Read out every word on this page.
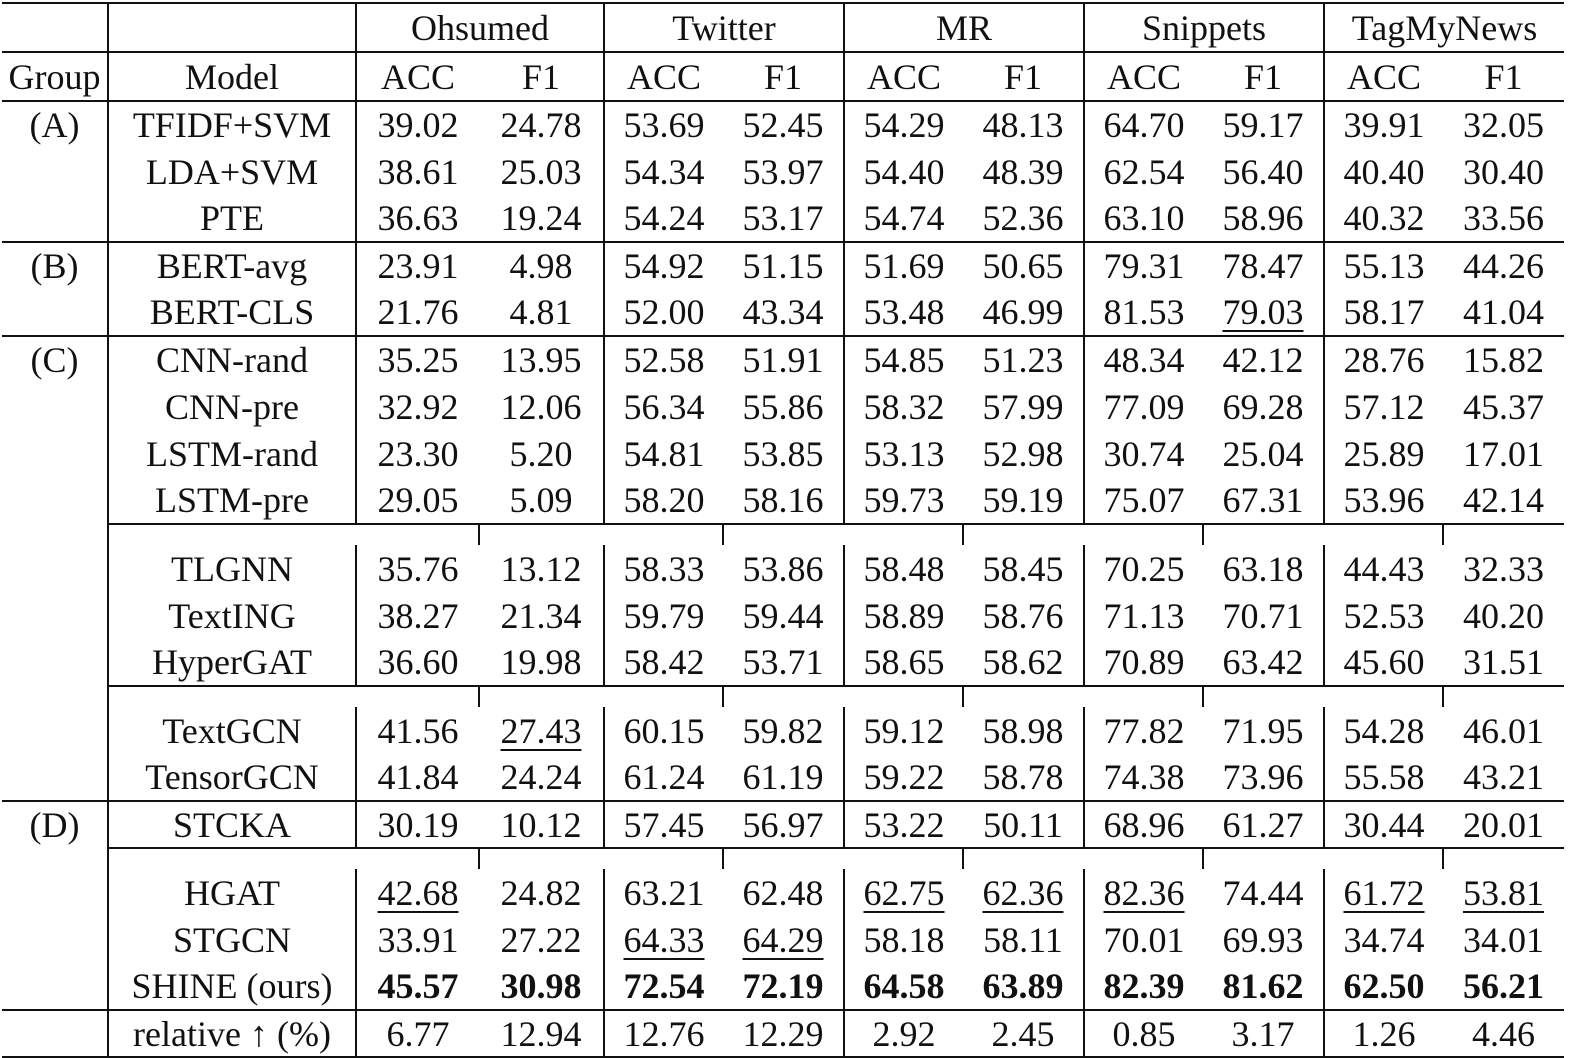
		Ohsumed		Twitter		MR		Snippets		TagMyNews	
Group	Model	ACC	F1	ACC	F1	ACC	F1	ACC	F1	ACC	F1
(A)	TFIDF+SVM	39.02	24.78	53.69	52.45	54.29	48.13	64.70	59.17	39.91	32.05
	LDA+SVM	38.61	25.03	54.34	53.97	54.40	48.39	62.54	56.40	40.40	30.40
	PTE	36.63	19.24	54.24	53.17	54.74	52.36	63.10	58.96	40.32	33.56
(B)	BERT-avg	23.91	4.98	54.92	51.15	51.69	50.65	79.31	78.47	55.13	44.26
	BERT-CLS	21.76	4.81	52.00	43.34	53.48	46.99	81.53	79.03	58.17	41.04
(C)	CNN-rand	35.25	13.95	52.58	51.91	54.85	51.23	48.34	42.12	28.76	15.82
	CNN-pre	32.92	12.06	56.34	55.86	58.32	57.99	77.09	69.28	57.12	45.37
	LSTM-rand	23.30	5.20	54.81	53.85	53.13	52.98	30.74	25.04	25.89	17.01
	LSTM-pre	29.05	5.09	58.20	58.16	59.73	59.19	75.07	67.31	53.96	42.14

	TLGNN	35.76	13.12	58.33	53.86	58.48	58.45	70.25	63.18	44.43	32.33
	TextING	38.27	21.34	59.79	59.44	58.89	58.76	71.13	70.71	52.53	40.20
	HyperGAT	36.60	19.98	58.42	53.71	58.65	58.62	70.89	63.42	45.60	31.51

	TextGCN	41.56	27.43	60.15	59.82	59.12	58.98	77.82	71.95	54.28	46.01
	TensorGCN	41.84	24.24	61.24	61.19	59.22	58.78	74.38	73.96	55.58	43.21
(D)	STCKA	30.19	10.12	57.45	56.97	53.22	50.11	68.96	61.27	30.44	20.01

	HGAT	42.68	24.82	63.21	62.48	62.75	62.36	82.36	74.44	61.72	53.81
	STGCN	33.91	27.22	64.33	64.29	58.18	58.11	70.01	69.93	34.74	34.01
	SHINE (ours)	45.57	30.98	72.54	72.19	64.58	63.89	82.39	81.62	62.50	56.21
	relative ↑ (%)	6.77	12.94	12.76	12.29	2.92	2.45	0.85	3.17	1.26	4.46
